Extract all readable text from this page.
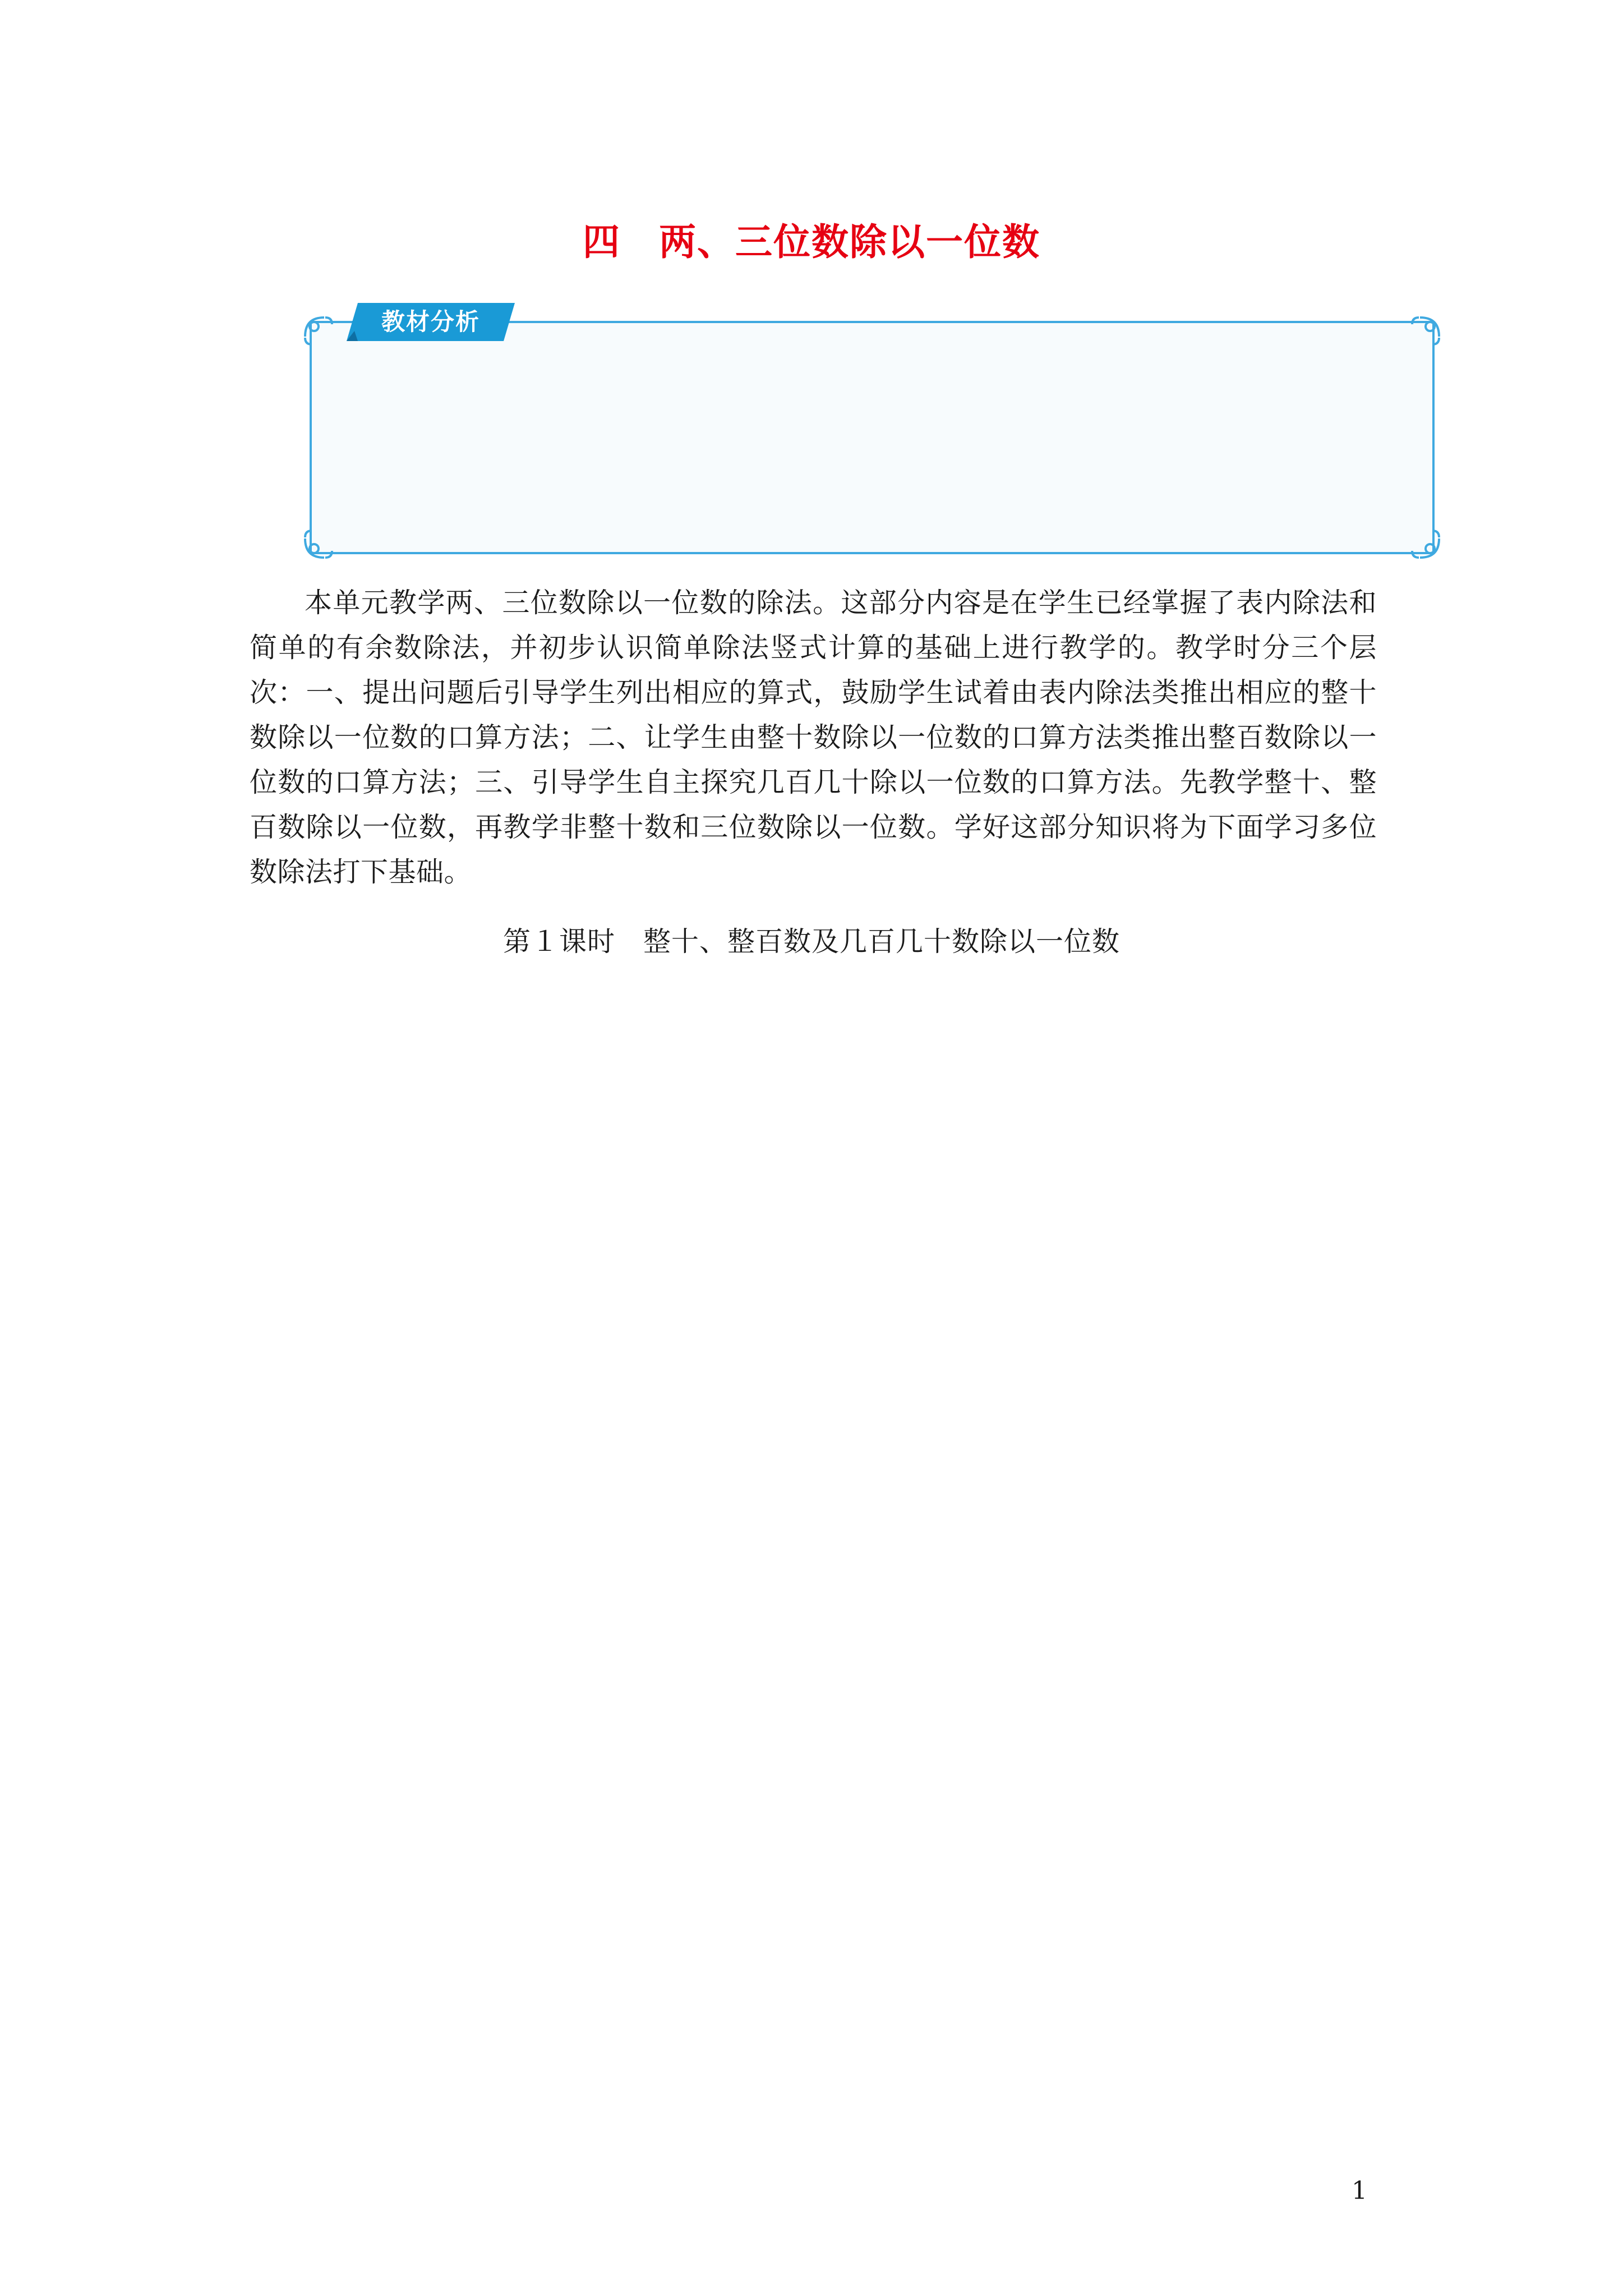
四　两、三位数除以一位数
教材分析

本单元教学两、三位数除以一位数的除法。这部分内容是在学生已经掌握了表内除法和简单的有余数除法，并初步认识简单除法竖式计算的基础上进行教学的。教学时分三个层次：一、提出问题后引导学生列出相应的算式，鼓励学生试着由表内除法类推出相应的整十数除以一位数的口算方法；二、让学生由整十数除以一位数的口算方法类推出整百数除以一位数的口算方法；三、引导学生自主探究几百几十除以一位数的口算方法。先教学整十、整百数除以一位数，再教学非整十数和三位数除以一位数。学好这部分知识将为下面学习多位数除法打下基础。

第１课时　整十、整百数及几百几十数除以一位数
1
